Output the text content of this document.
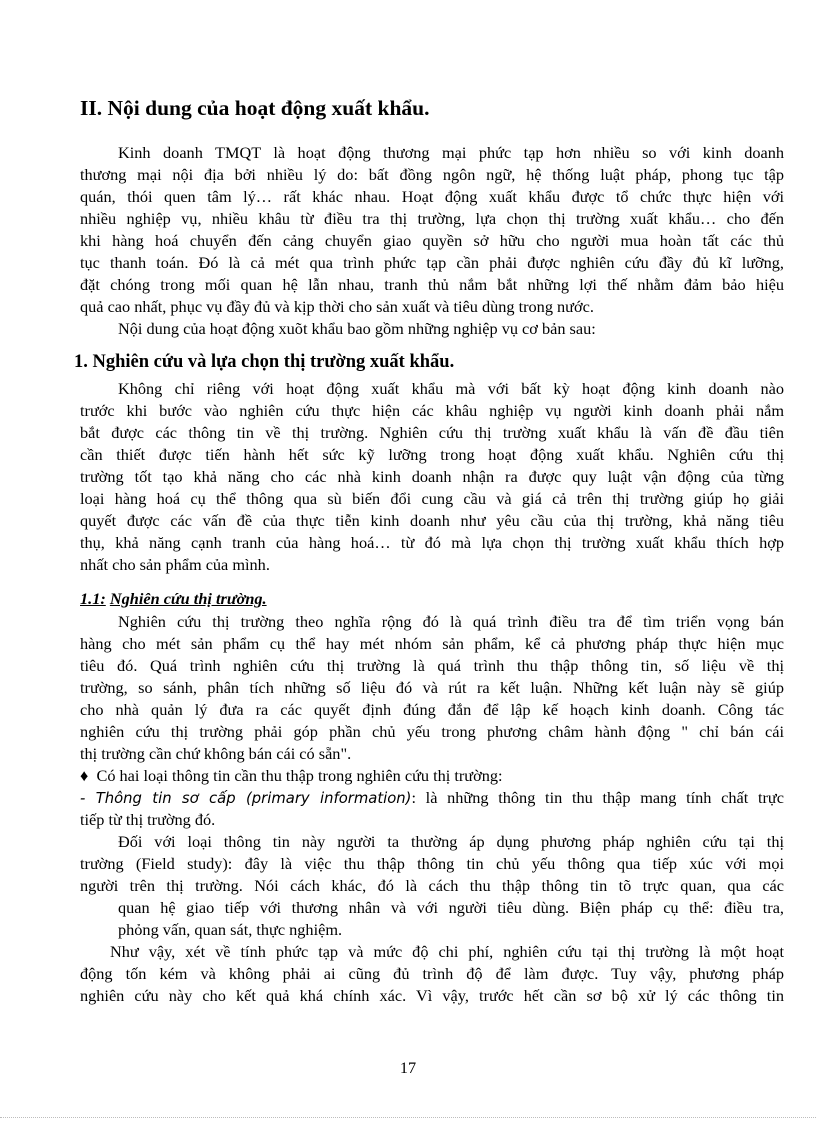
II. Nội dung của hoạt động xuất khẩu.

Kinh doanh TMQT là hoạt động thương mại phức tạp hơn nhiều so với kinh doanh

thương mại nội địa bởi nhiều lý do: bất đồng ngôn ngữ, hệ thống luật pháp, phong tục tập

quán, thói quen tâm lý… rất khác nhau. Hoạt động xuất khẩu được tổ chức thực hiện với

nhiều nghiệp vụ, nhiều khâu từ điều tra thị trường, lựa chọn thị trường xuất khẩu… cho đến

khi hàng hoá chuyển đến cảng chuyển giao quyền sở hữu cho người mua hoàn tất các thủ

tục thanh toán. Đó là cả mét qua trình phức tạp cần phải được nghiên cứu đầy đủ kĩ lưỡng,

đặt chóng trong mối quan hệ lẫn nhau, tranh thủ nắm bắt những lợi thế nhằm đảm bảo hiệu

quả cao nhất, phục vụ đầy đủ và kịp thời cho sản xuất và tiêu dùng trong nước.

Nội dung của hoạt động xuõt khẩu bao gồm những nghiệp vụ cơ bản sau:

1. Nghiên cứu và lựa chọn thị trường xuất khẩu.

Không chỉ riêng với hoạt động xuất khẩu mà với bất kỳ hoạt động kinh doanh nào

trước khi bước vào nghiên cứu thực hiện các khâu nghiệp vụ người kinh doanh phải nắm

bắt được các thông tin về thị trường. Nghiên cứu thị trường xuất khẩu là vấn đề đầu tiên

cần thiết được tiến hành hết sức kỹ lưỡng trong hoạt động xuất khẩu. Nghiên cứu thị

trường tốt tạo khả năng cho các nhà kinh doanh nhận ra được quy luật vận động của từng

loại hàng hoá cụ thể thông qua sù biến đổi cung cầu và giá cả trên thị trường giúp họ giải

quyết được các vấn đề của thực tiễn kinh doanh như yêu cầu của thị trường, khả năng tiêu

thụ, khả năng cạnh tranh của hàng hoá… từ đó mà lựa chọn thị trường xuất khẩu thích hợp

nhất cho sản phẩm của mình.

1.1: Nghiên cứu thị trường.

Nghiên cứu thị trường theo nghĩa rộng đó là quá trình điều tra để tìm triển vọng bán

hàng cho mét sản phẩm cụ thể hay mét nhóm sản phẩm, kể cả phương pháp thực hiện mục

tiêu đó. Quá trình nghiên cứu thị trường là quá trình thu thập thông tin, số liệu về thị

trường, so sánh, phân tích những số liệu đó và rút ra kết luận. Những kết luận này sẽ giúp

cho nhà quản lý đưa ra các quyết định đúng đắn để lập kế hoạch kinh doanh. Công tác

nghiên cứu thị trường phải góp phần chủ yếu trong phương châm hành động " chỉ bán cái

thị trường cần chứ không bán cái có sẵn".

♦ Có hai loại thông tin cần thu thập trong nghiên cứu thị trường:

- Thông tin sơ cấp (primary information): là những thông tin thu thập mang tính chất trực

tiếp từ thị trường đó.

Đối với loại thông tin này người ta thường áp dụng phương pháp nghiên cứu tại thị

trường (Field study): đây là việc thu thập thông tin chủ yếu thông qua tiếp xúc với mọi

người trên thị trường. Nói cách khác, đó là cách thu thập thông tin tõ trực quan, qua các

quan hệ giao tiếp với thương nhân và với người tiêu dùng. Biện pháp cụ thể: điều tra,

phỏng vấn, quan sát, thực nghiệm.

Như vậy, xét về tính phức tạp và mức độ chi phí, nghiên cứu tại thị trường là một hoạt

động tốn kém và không phải ai cũng đủ trình độ để làm được. Tuy vậy, phương pháp

nghiên cứu này cho kết quả khá chính xác. Vì vậy, trước hết cần sơ bộ xử lý các thông tin

17
